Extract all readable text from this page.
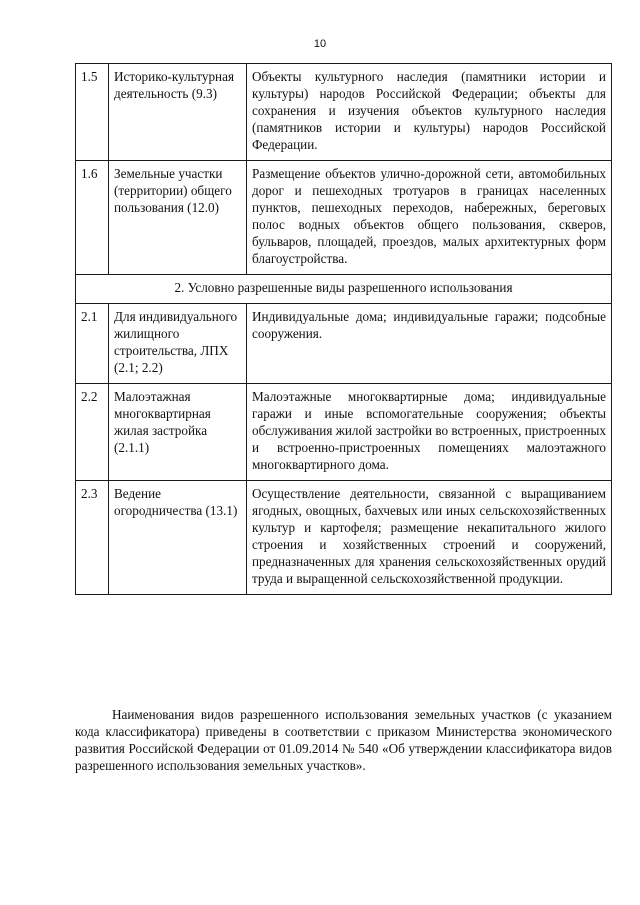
10
1.5	Историко-культурная деятельность (9.3)	Объекты культурного наследия (памятники истории и культуры) народов Российской Федерации; объекты для сохранения и изучения объектов культурного наследия (памятников истории и культуры) народов Российской Федерации.
1.6	Земельные участки (территории) общего пользования (12.0)	Размещение объектов улично-дорожной сети, автомобильных дорог и пешеходных тротуаров в границах населенных пунктов, пешеходных переходов, набережных, береговых полос водных объектов общего пользования, скверов, бульваров, площадей, проездов, малых архитектурных форм благоустройства.
2. Условно разрешенные виды разрешенного использования		
2.1	Для индивидуального жилищного строительства, ЛПХ (2.1; 2.2)	Индивидуальные дома; индивидуальные гаражи; подсобные сооружения.
2.2	Малоэтажная многоквартирная жилая застройка (2.1.1)	Малоэтажные многоквартирные дома; индивидуальные гаражи и иные вспомогательные сооружения; объекты обслуживания жилой застройки во встроенных, пристроенных и встроенно-пристроенных помещениях малоэтажного многоквартирного дома.
2.3	Ведение огородничества (13.1)	Осуществление деятельности, связанной с выращиванием ягодных, овощных, бахчевых или иных сельскохозяйственных культур и картофеля; размещение некапитального жилого строения и хозяйственных строений и сооружений, предназначенных для хранения сельскохозяйственных орудий труда и выращенной сельскохозяйственной продукции.

Наименования видов разрешенного использования земельных участков (с указанием кода классификатора) приведены в соответствии с приказом Министерства экономического развития Российской Федерации от 01.09.2014 № 540 «Об утверждении классификатора видов разрешенного использования земельных участков».
